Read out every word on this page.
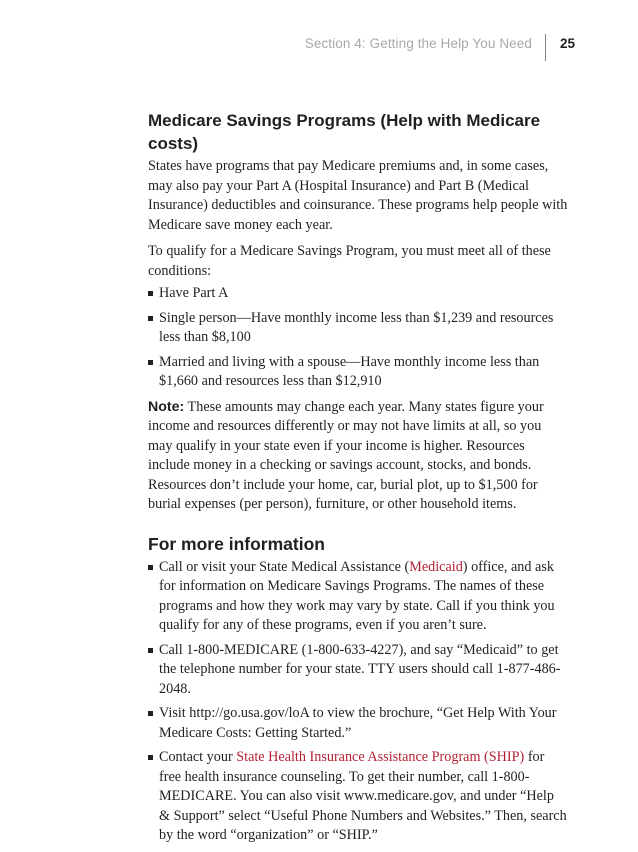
Section 4: Getting the Help You Need 25
Medicare Savings Programs (Help with Medicare costs)

States have programs that pay Medicare premiums and, in some cases, may also pay your Part A (Hospital Insurance) and Part B (Medical Insurance) deductibles and coinsurance. These programs help people with Medicare save money each year.

To qualify for a Medicare Savings Program, you must meet all of these conditions:

Have Part A
Single person—Have monthly income less than $1,239 and resources less than $8,100
Married and living with a spouse—Have monthly income less than $1,660 and resources less than $12,910

Note: These amounts may change each year. Many states figure your income and resources differently or may not have limits at all, so you may qualify in your state even if your income is higher. Resources include money in a checking or savings account, stocks, and bonds. Resources don’t include your home, car, burial plot, up to $1,500 for burial expenses (per person), furniture, or other household items.

For more information
Call or visit your State Medical Assistance (Medicaid) office, and ask for information on Medicare Savings Programs. The names of these programs and how they work may vary by state. Call if you think you qualify for any of these programs, even if you aren’t sure.
Call 1-800-MEDICARE (1-800-633-4227), and say “Medicaid” to get the telephone number for your state. TTY users should call 1-877-486-2048.
Visit http://go.usa.gov/loA to view the brochure, “Get Help With Your Medicare Costs: Getting Started.”
Contact your State Health Insurance Assistance Program (SHIP) for free health insurance counseling. To get their number, call 1-800-MEDICARE. You can also visit www.medicare.gov, and under “Help & Support” select “Useful Phone Numbers and Websites.” Then, search by the word “organization” or “SHIP.”
